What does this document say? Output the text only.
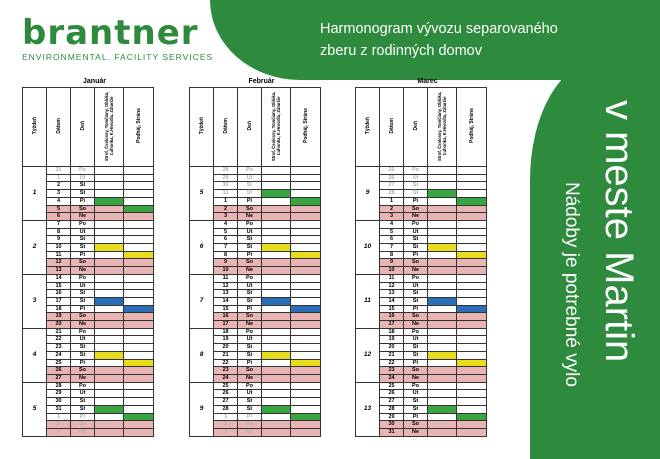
brantner
ENVIRONMENTAL. FACILITY SERVICES
Harmonogram vývozu separovaného
zberu z rodinných domov
v meste Martin
Nádoby je potrebné vylo
Január
Týždeň	Dátum	Deň	Strof, Čsolossy, Tomčiany, Oblúka, Ľuhonka, K.Hnezdla, Záturčie	Podháj, Stráne
1	31	Po		
	1	Ut		
	2	St		
	3	Št		
	4	Pi		
	5	So		
	6	Ne		
2	7	Po		
	8	Ut		
	9	St		
	10	Št		
	11	Pi		
	12	So		
	13	Ne		
3	14	Po		
	15	Ut		
	16	St		
	17	Št		
	18	Pi		
	19	So		
	20	Ne		
4	21	Po		
	22	Ut		
	23	St		
	24	Št		
	25	Pi		
	26	So		
	27	Ne		
5	28	Po		
	29	Ut		
	30	St		
	31	Št		
	1	Pi		
	2	So		
	3	Ne		
Február
Týždeň	Dátum	Deň	Strof, Čsolossy, Tomčiany, Oblúka, Ľuhonka, K.Hnezdla, Záturčie	Podháj, Stráne
5	28	Po		
	29	Ut		
	30	St		
	31	Št		
	1	Pi		
	2	So		
	3	Ne		
6	4	Po		
	5	Ut		
	6	St		
	7	Št		
	8	Pi		
	9	So		
	10	Ne		
7	11	Po		
	12	Ut		
	13	St		
	14	Št		
	15	Pi		
	16	So		
	17	Ne		
8	18	Po		
	19	Ut		
	20	St		
	21	Št		
	22	Pi		
	23	So		
	24	Ne		
9	25	Po		
	26	Ut		
	27	St		
	28	Št		
	1	Pi		
	2	So		
	3	Ne		
Marec
Týždeň	Dátum	Deň	Strof, Čsolossy, Tomčiany, Oblúka, Ľuhonka, K.Hnezdla, Záturčie	Podháj, Stráne
9	25	Po		
	26	Ut		
	27	St		
	28	Št		
	1	Pi		
	2	So		
	3	Ne		
10	4	Po		
	5	Ut		
	6	St		
	7	Št		
	8	Pi		
	9	So		
	10	Ne		
11	11	Po		
	12	Ut		
	13	St		
	14	Št		
	15	Pi		
	16	So		
	17	Ne		
12	18	Po		
	19	Ut		
	20	St		
	21	Št		
	22	Pi		
	23	So		
	24	Ne		
13	25	Po		
	26	Ut		
	27	St		
	28	Št		
	29	Pi		
	30	So		
	31	Ne		
